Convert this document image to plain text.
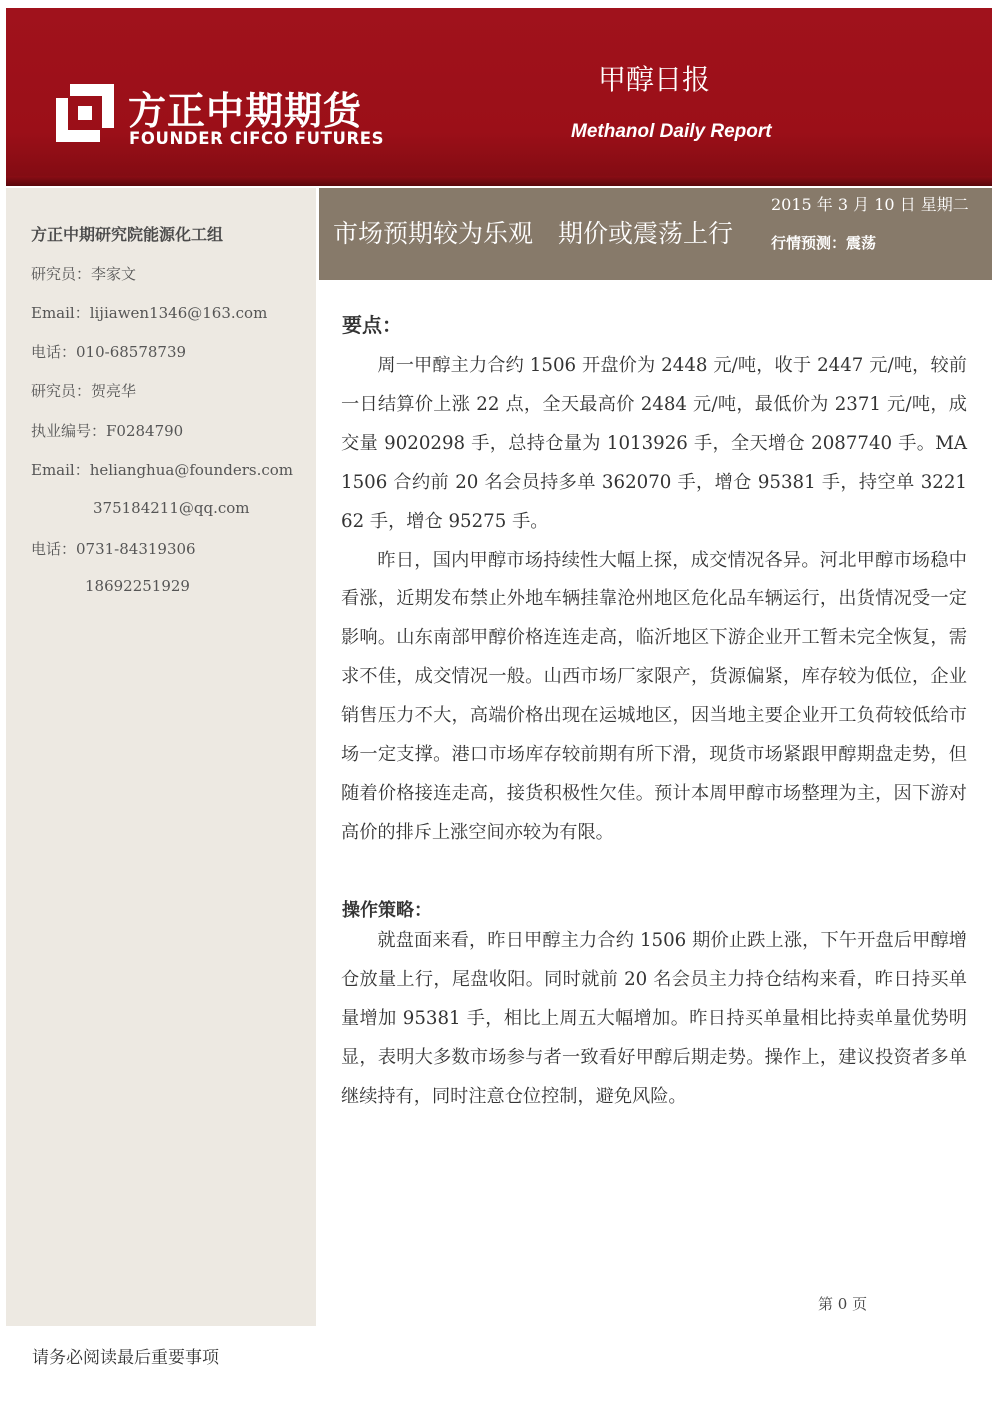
方正中期期货
FOUNDER CIFCO FUTURES
甲醇日报
Methanol Daily Report
方正中期研究院能源化工组
研究员：李家文
Email：lijiawen1346@163.com
电话：010-68578739
研究员：贺亮华
执业编号：F0284790
Email：helianghua@founders.com
375184211@qq.com
电话：0731-84319306
18692251929
市场预期较为乐观　期价或震荡上行
2015 年 3 月 10 日 星期二
行情预测：震荡
要点：

周一甲醇主力合约 1506 开盘价为 2448 元/吨，收于 2447 元/吨，较前一日结算价上涨 22 点，全天最高价 2484 元/吨，最低价为 2371 元/吨，成交量 9020298 手，总持仓量为 1013926 手，全天增仓 2087740 手。MA1506 合约前 20 名会员持多单 362070 手，增仓 95381 手，持空单 322162 手，增仓 95275 手。

昨日，国内甲醇市场持续性大幅上探，成交情况各异。河北甲醇市场稳中看涨，近期发布禁止外地车辆挂靠沧州地区危化品车辆运行，出货情况受一定影响。山东南部甲醇价格连连走高，临沂地区下游企业开工暂未完全恢复，需求不佳，成交情况一般。山西市场厂家限产，货源偏紧，库存较为低位，企业销售压力不大，高端价格出现在运城地区，因当地主要企业开工负荷较低给市场一定支撑。港口市场库存较前期有所下滑，现货市场紧跟甲醇期盘走势，但随着价格接连走高，接货积极性欠佳。预计本周甲醇市场整理为主，因下游对高价的排斥上涨空间亦较为有限。

操作策略：

就盘面来看，昨日甲醇主力合约 1506 期价止跌上涨，下午开盘后甲醇增仓放量上行，尾盘收阳。同时就前 20 名会员主力持仓结构来看，昨日持买单量增加 95381 手，相比上周五大幅增加。昨日持买单量相比持卖单量优势明显，表明大多数市场参与者一致看好甲醇后期走势。操作上，建议投资者多单继续持有，同时注意仓位控制，避免风险。

第 0 页
请务必阅读最后重要事项
